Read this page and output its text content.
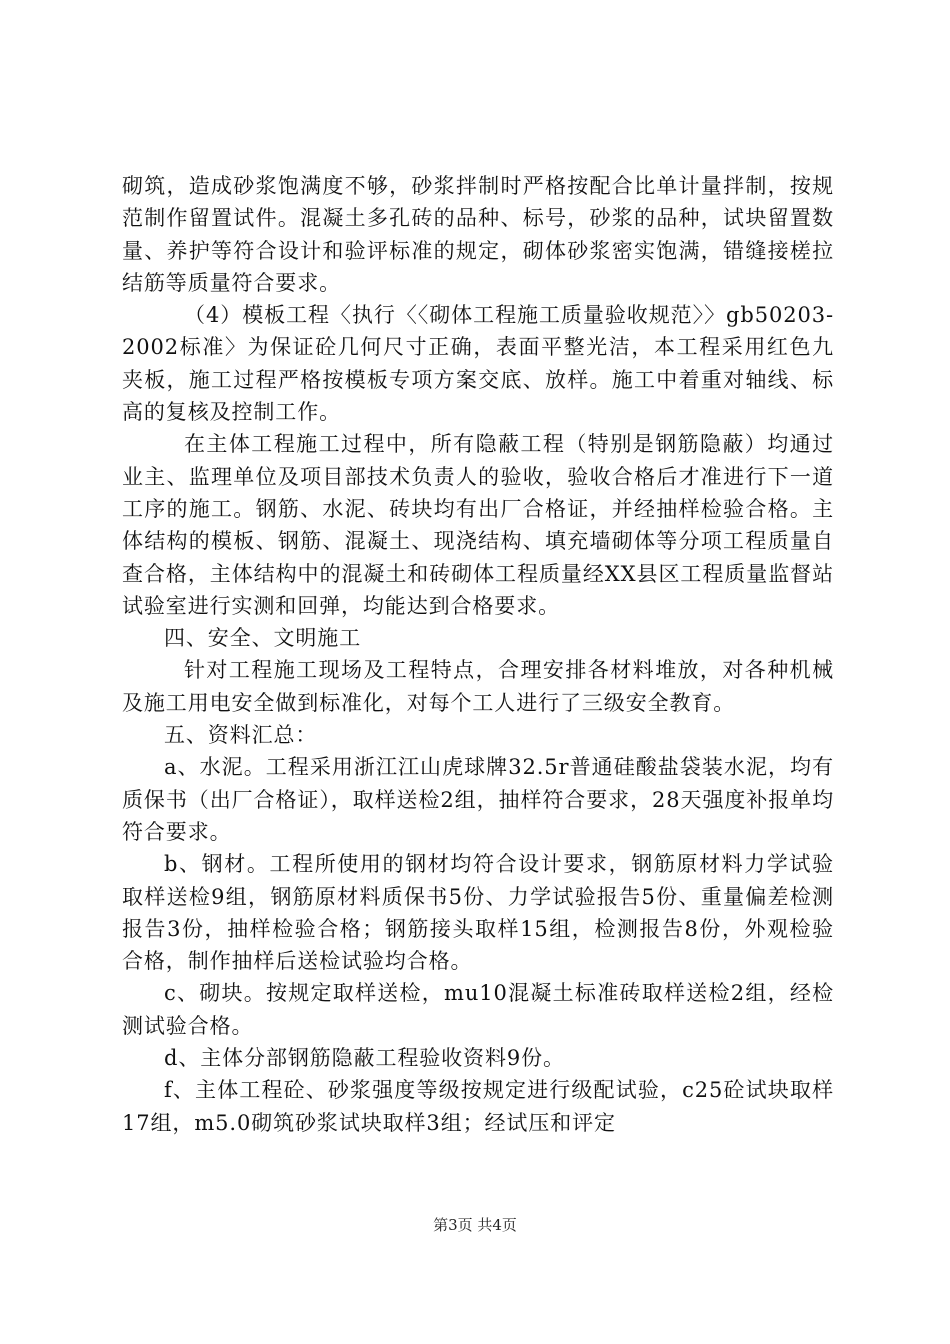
砌筑，造成砂浆饱满度不够，砂浆拌制时严格按配合比单计量拌制，按规范制作留置试件。混凝土多孔砖的品种、标号，砂浆的品种，试块留置数量、养护等符合设计和验评标准的规定，砌体砂浆密实饱满，错缝接槎拉结筋等质量符合要求。

（4）模板工程〈执行〈〈砌体工程施工质量验收规范〉〉gb50203-2002标准〉为保证砼几何尺寸正确，表面平整光洁，本工程采用红色九夹板，施工过程严格按模板专项方案交底、放样。施工中着重对轴线、标高的复核及控制工作。

在主体工程施工过程中，所有隐蔽工程（特别是钢筋隐蔽）均通过业主、监理单位及项目部技术负责人的验收，验收合格后才准进行下一道工序的施工。钢筋、水泥、砖块均有出厂合格证，并经抽样检验合格。主体结构的模板、钢筋、混凝土、现浇结构、填充墙砌体等分项工程质量自查合格，主体结构中的混凝土和砖砌体工程质量经XX县区工程质量监督站试验室进行实测和回弹，均能达到合格要求。

四、安全、文明施工

针对工程施工现场及工程特点，合理安排各材料堆放，对各种机械及施工用电安全做到标准化，对每个工人进行了三级安全教育。

五、资料汇总：

a、水泥。工程采用浙江江山虎球牌32.5r普通硅酸盐袋装水泥，均有质保书（出厂合格证），取样送检2组，抽样符合要求，28天强度补报单均符合要求。

b、钢材。工程所使用的钢材均符合设计要求，钢筋原材料力学试验取样送检9组，钢筋原材料质保书5份、力学试验报告5份、重量偏差检测报告3份，抽样检验合格；钢筋接头取样15组，检测报告8份，外观检验合格，制作抽样后送检试验均合格。

c、砌块。按规定取样送检，mu10混凝土标准砖取样送检2组，经检测试验合格。

d、主体分部钢筋隐蔽工程验收资料9份。

f、主体工程砼、砂浆强度等级按规定进行级配试验，c25砼试块取样17组，m5.0砌筑砂浆试块取样3组；经试压和评定

第3页 共4页
